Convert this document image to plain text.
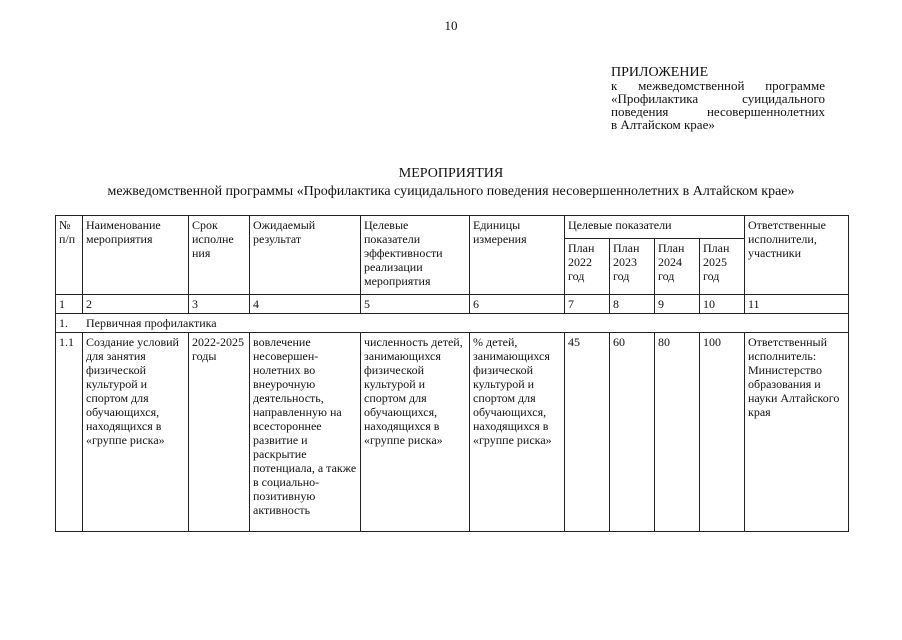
10
ПРИЛОЖЕНИЕ
к межведомственной программе
«Профилактика суицидального
поведения несовершеннолетних
в Алтайском крае»
МЕРОПРИЯТИЯ
межведомственной программы «Профилактика суицидального поведения несовершеннолетних в Алтайском крае»
№ п/п	Наименование мероприятия	Срок исполне ния	Ожидаемый результат	Целевые показатели эффективности реализации мероприятия	Единицы измерения	Целевые показатели				Ответственные исполнители, участники
						План 2022 год	План 2023 год	План 2024 год	План 2025 год	
1	2	3	4	5	6	7	8	9	10	11
1.      Первичная профилактика										
1.1	Создание условий для занятия физической культурой и спортом для обучающихся, находящихся в «группе риска»	2022-2025 годы	вовлечение несовершен-нолетних во внеурочную деятельность, направленную на всестороннее развитие и раскрытие потенциала, а также в социально-позитивную активность	численность детей, занимающихся физической культурой и спортом для обучающихся, находящихся в «группе риска»	% детей, занимающихся физической культурой и спортом для обучающихся, находящихся в «группе риска»	45	60	80	100	Ответственный исполнитель: Министерство образования и науки Алтайского края
